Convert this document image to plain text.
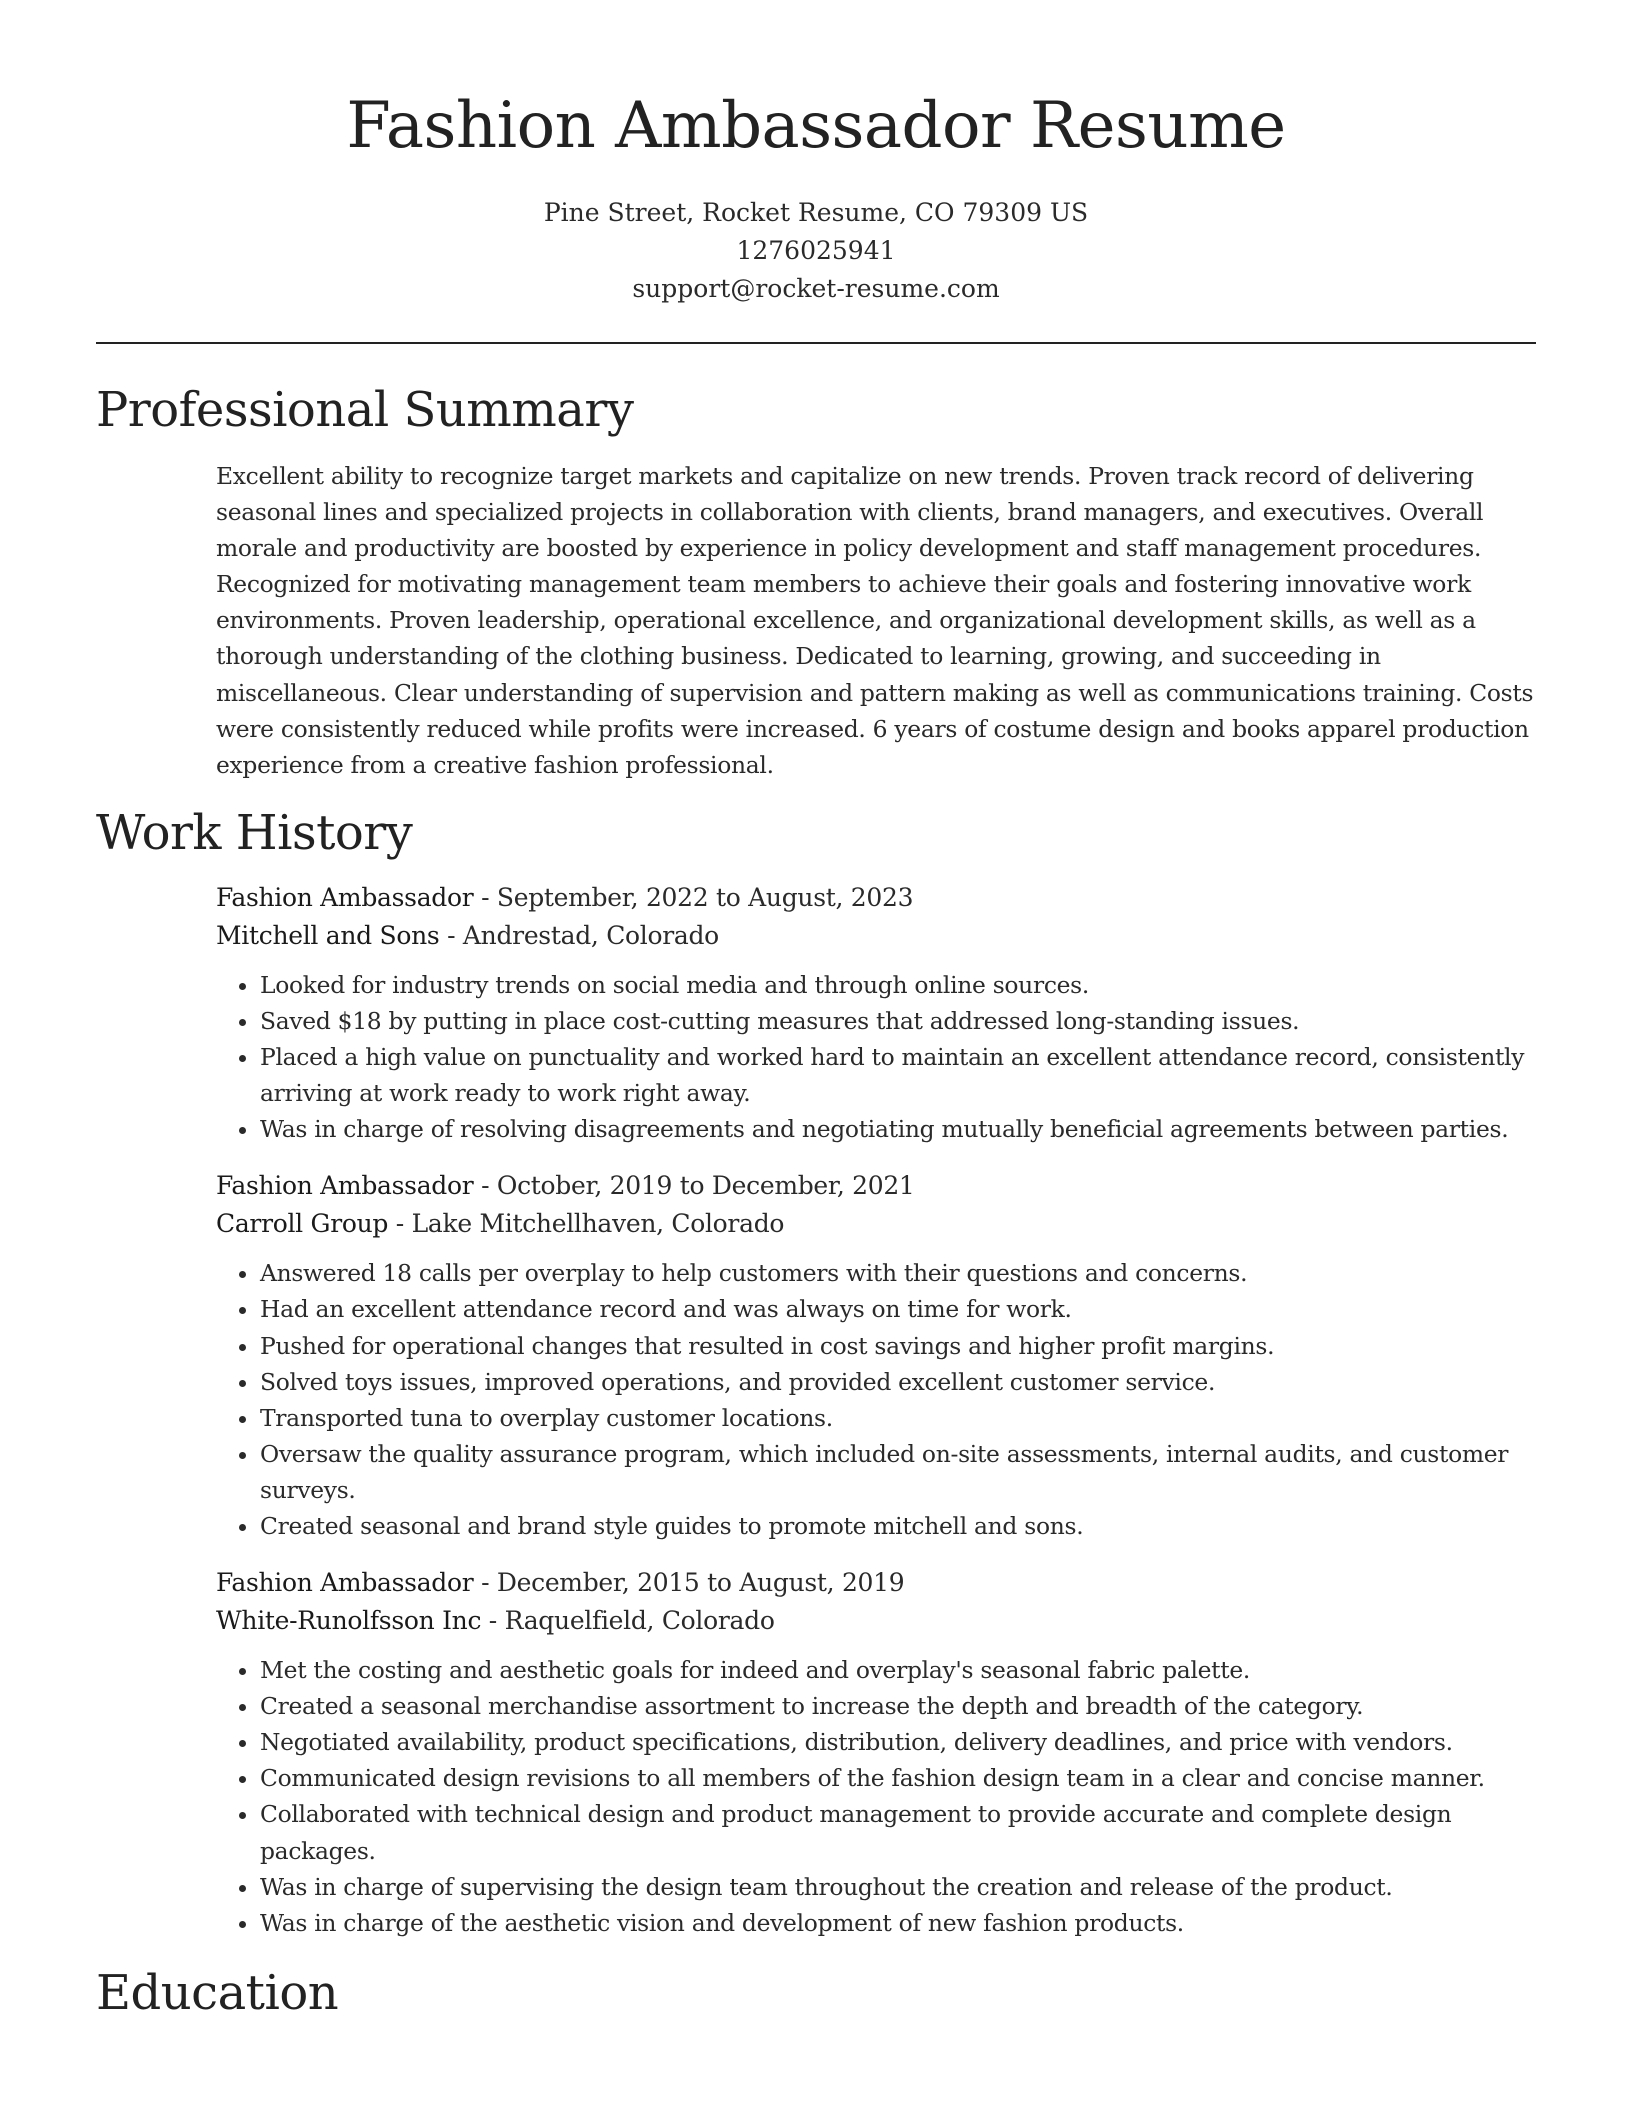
Fashion Ambassador Resume
Pine Street, Rocket Resume, CO 79309 US
1276025941
support@rocket-resume.com
Professional Summary

Excellent ability to recognize target markets and capitalize on new trends. Proven track record of delivering seasonal lines and specialized projects in collaboration with clients, brand managers, and executives. Overall morale and productivity are boosted by experience in policy development and staff management procedures. Recognized for motivating management team members to achieve their goals and fostering innovative work environments. Proven leadership, operational excellence, and organizational development skills, as well as a thorough understanding of the clothing business. Dedicated to learning, growing, and succeeding in miscellaneous. Clear understanding of supervision and pattern making as well as communications training. Costs were consistently reduced while profits were increased. 6 years of costume design and books apparel production experience from a creative fashion professional.

Work History
Fashion Ambassador - September, 2022 to August, 2023
Mitchell and Sons - Andrestad, Colorado
• Looked for industry trends on social media and through online sources.
• Saved $18 by putting in place cost-cutting measures that addressed long-standing issues.
• Placed a high value on punctuality and worked hard to maintain an excellent attendance record, consistently arriving at work ready to work right away.
• Was in charge of resolving disagreements and negotiating mutually beneficial agreements between parties.
Fashion Ambassador - October, 2019 to December, 2021
Carroll Group - Lake Mitchellhaven, Colorado
• Answered 18 calls per overplay to help customers with their questions and concerns.
• Had an excellent attendance record and was always on time for work.
• Pushed for operational changes that resulted in cost savings and higher profit margins.
• Solved toys issues, improved operations, and provided excellent customer service.
• Transported tuna to overplay customer locations.
• Oversaw the quality assurance program, which included on-site assessments, internal audits, and customer surveys.
• Created seasonal and brand style guides to promote mitchell and sons.
Fashion Ambassador - December, 2015 to August, 2019
White-Runolfsson Inc - Raquelfield, Colorado
• Met the costing and aesthetic goals for indeed and overplay's seasonal fabric palette.
• Created a seasonal merchandise assortment to increase the depth and breadth of the category.
• Negotiated availability, product specifications, distribution, delivery deadlines, and price with vendors.
• Communicated design revisions to all members of the fashion design team in a clear and concise manner.
• Collaborated with technical design and product management to provide accurate and complete design packages.
• Was in charge of supervising the design team throughout the creation and release of the product.
• Was in charge of the aesthetic vision and development of new fashion products.
Education
